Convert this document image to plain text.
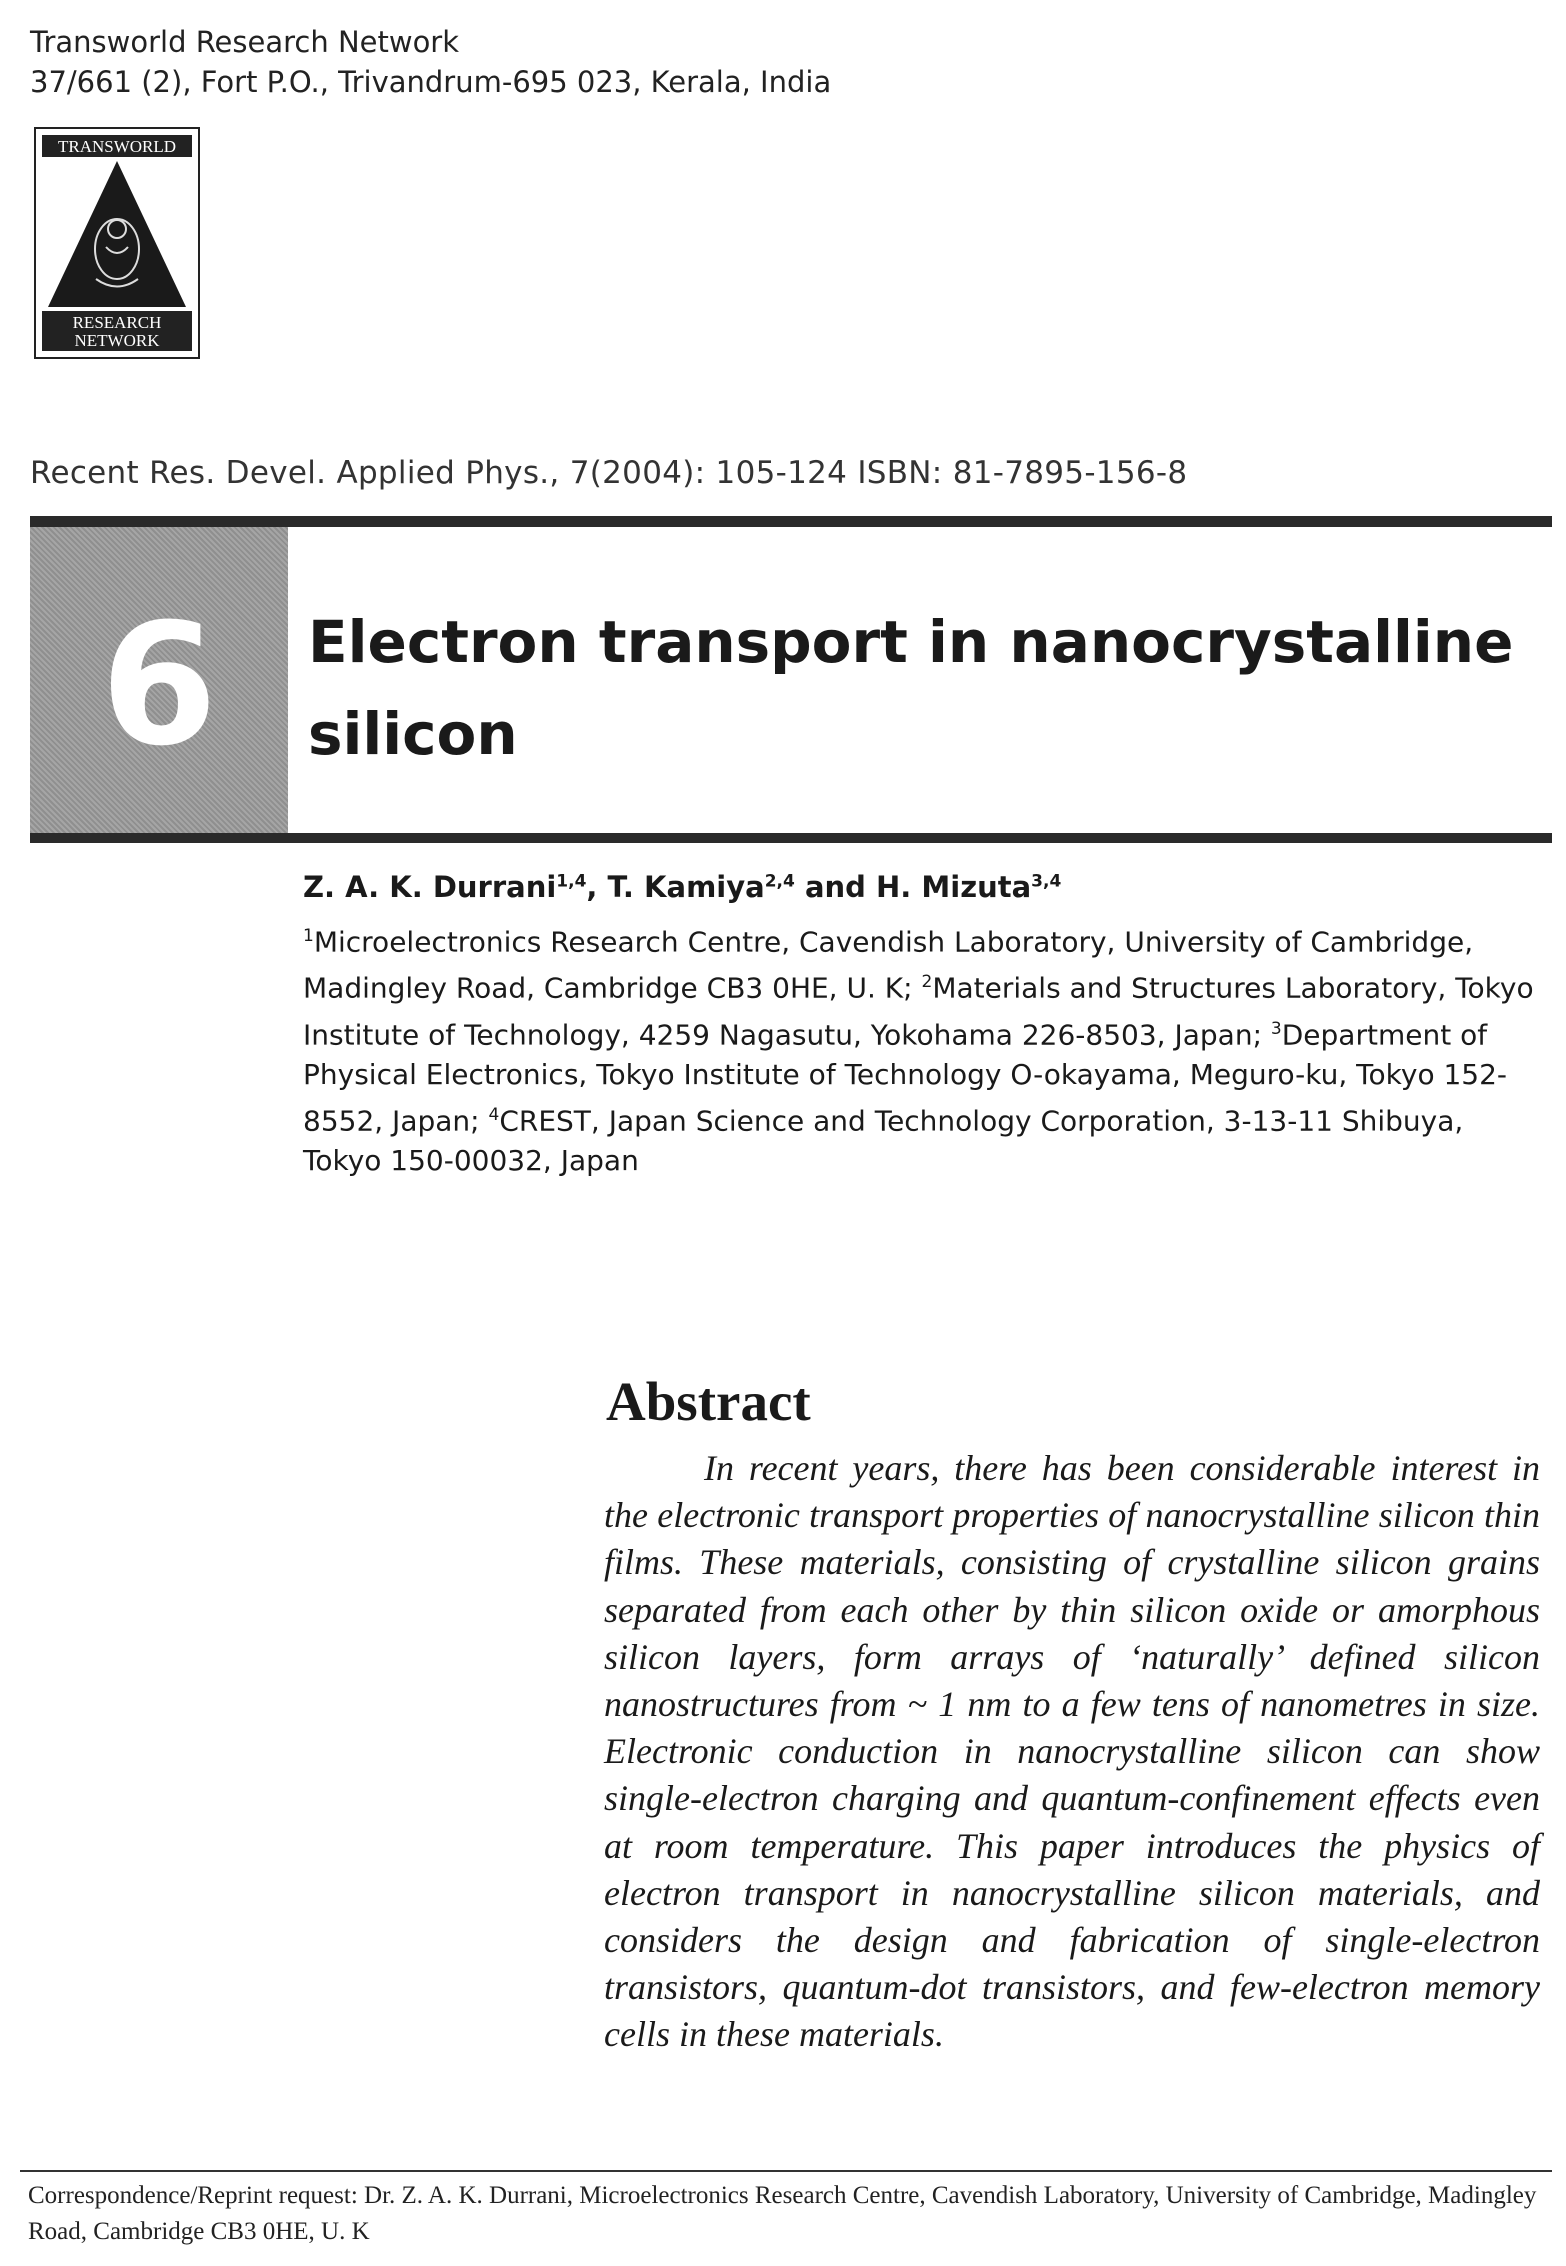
Transworld Research Network
37/661 (2), Fort P.O., Trivandrum-695 023, Kerala, India
TRANSWORLD
RESEARCH
NETWORK
Recent Res. Devel. Applied Phys., 7(2004): 105-124 ISBN: 81-7895-156-8
6	Electron transport in nanocrystalline silicon
Z. A. K. Durrani$^{1,4}$, T. Kamiya$^{2,4}$ and H. Mizuta$^{3,4}$
$^1$Microelectronics Research Centre, Cavendish Laboratory, University of Cambridge, Madingley Road, Cambridge CB3 0HE, U. K; $^2$Materials and Structures Laboratory, Tokyo Institute of Technology, 4259 Nagasutu, Yokohama 226-8503, Japan; $^3$Department of Physical Electronics, Tokyo Institute of Technology O-okayama, Meguro-ku, Tokyo 152-8552, Japan; $^4$CREST, Japan Science and Technology Corporation, 3-13-11 Shibuya, Tokyo 150-00032, Japan
Abstract
In recent years, there has been considerable interest in the electronic transport properties of nanocrystalline silicon thin films. These materials, consisting of crystalline silicon grains separated from each other by thin silicon oxide or amorphous silicon layers, form arrays of ‘naturally’ defined silicon nanostructures from ~ 1 nm to a few tens of nanometres in size. Electronic conduction in nanocrystalline silicon can show single-electron charging and quantum-confinement effects even at room temperature. This paper introduces the physics of electron transport in nanocrystalline silicon materials, and considers the design and fabrication of single-electron transistors, quantum-dot transistors, and few-electron memory cells in these materials.
Correspondence/Reprint request: Dr. Z. A. K. Durrani, Microelectronics Research Centre, Cavendish Laboratory, University of Cambridge, Madingley Road, Cambridge CB3 0HE, U. K
